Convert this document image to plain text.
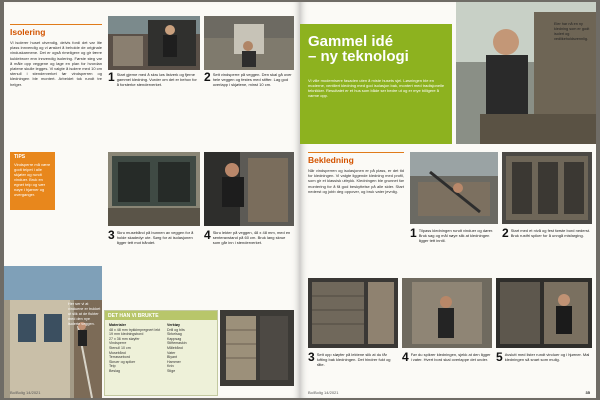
Isolering
Vi isolerer huset utvendig, delvis fordi det var lite plass innvendig og vi ønsket å beholde de originale vinduskarmene. Det er også rimeligere og gir færre kuldebroer enn innvendig isolering. Første steg var å måle opp veggene og lage en plan for hvordan platene skulle legges. Vi valgte å isolere med 10 cm stenull i stenderverket før vindsperren og kledningen ble montert. Arbeidet tok rundt tre helger.
TIPS
Vindsperre må være godt teipet i alle skjøter og rundt vinduer. Bruk en egnet teip og vær nøye i hjørner og overganger.
1 Start gjerne med å skru løs listverk og fjerne gammel kledning. Vurder om det er behov for å forsterke stenderverket.
2 Sett vindsperre på veggen. Den skal gå over hele veggen og festes med stifter. Lag god overlapp i skjøtene, minst 10 cm.
3 Skru musebånd på bunnen av veggen for å holde skadedyr ute. Sørg for at isolasjonen ligger tett mot båndet.
4 Skru lekter på veggen, 48 x 48 mm, med en senteravstand på 60 cm. Bruk lang skrue som går inn i stenderverket.
Her ser vi at vinduene er trukket ut slik at de flukter med den nye isolerte veggen.
DET HAN VI BRUKTE
Materialer
48 x 48 mm trykkimpregnert lekt
19 mm kledningsbord
27 x 36 mm sløyfer
Vindsperre
Stenull 10 cm
Musebånd
Terrassebord
Skruer og spiker
Teip
Beslag
Verktøy
Drill og bits
Sirkelsag
Kappsag
Stiftemaskin
Målebånd
Vater
Blyant
Hammer
Kniv
Stige
Bo/Bolig 14/2021
Gammel idé
– ny teknologi
Vi ville modernisere fasaden uten å miste husets sjel. Løsningen ble en moderne, ventilert kledning med god isolasjon bak, montert med tradisjonelle teknikker. Resultatet er et hus som både ser bedre ut og er mye billigere å varme opp.
Eier har nå en ny kledning som er godt isolert og vedlikeholdsvennlig.
Bekledning
Når vindsperren og isolasjonen er på plass, er det tid for kledningen. Vi valgte liggende kledning med profil, som gir et klassisk uttrykk. Kledningen ble grunnet før montering for å få god beskyttelse på alle sider. Start nederst og jobb deg oppover, og bruk vater jevnlig.
1 Tilpass kledningen rundt vinduer og dører. Bruk sag og mål nøye slik at kledningen ligger tett inntil.
2 Start med et nivå og fest første bord nederst. Bruk rustfri spiker for å unngå misfarging.
3 Sett opp sløyfer på lektene slik at du får lufting bak kledningen. Det hindrer fukt og råte.
4 Før du spikrer kledningen, sjekk at den ligger i vater. Hvert bord skal overlappe det under. 5 Avslutt med lister rundt vinduer og i hjørner. Mal kledningen så snart som mulig.
Bo/Bolig 14/2021	35
